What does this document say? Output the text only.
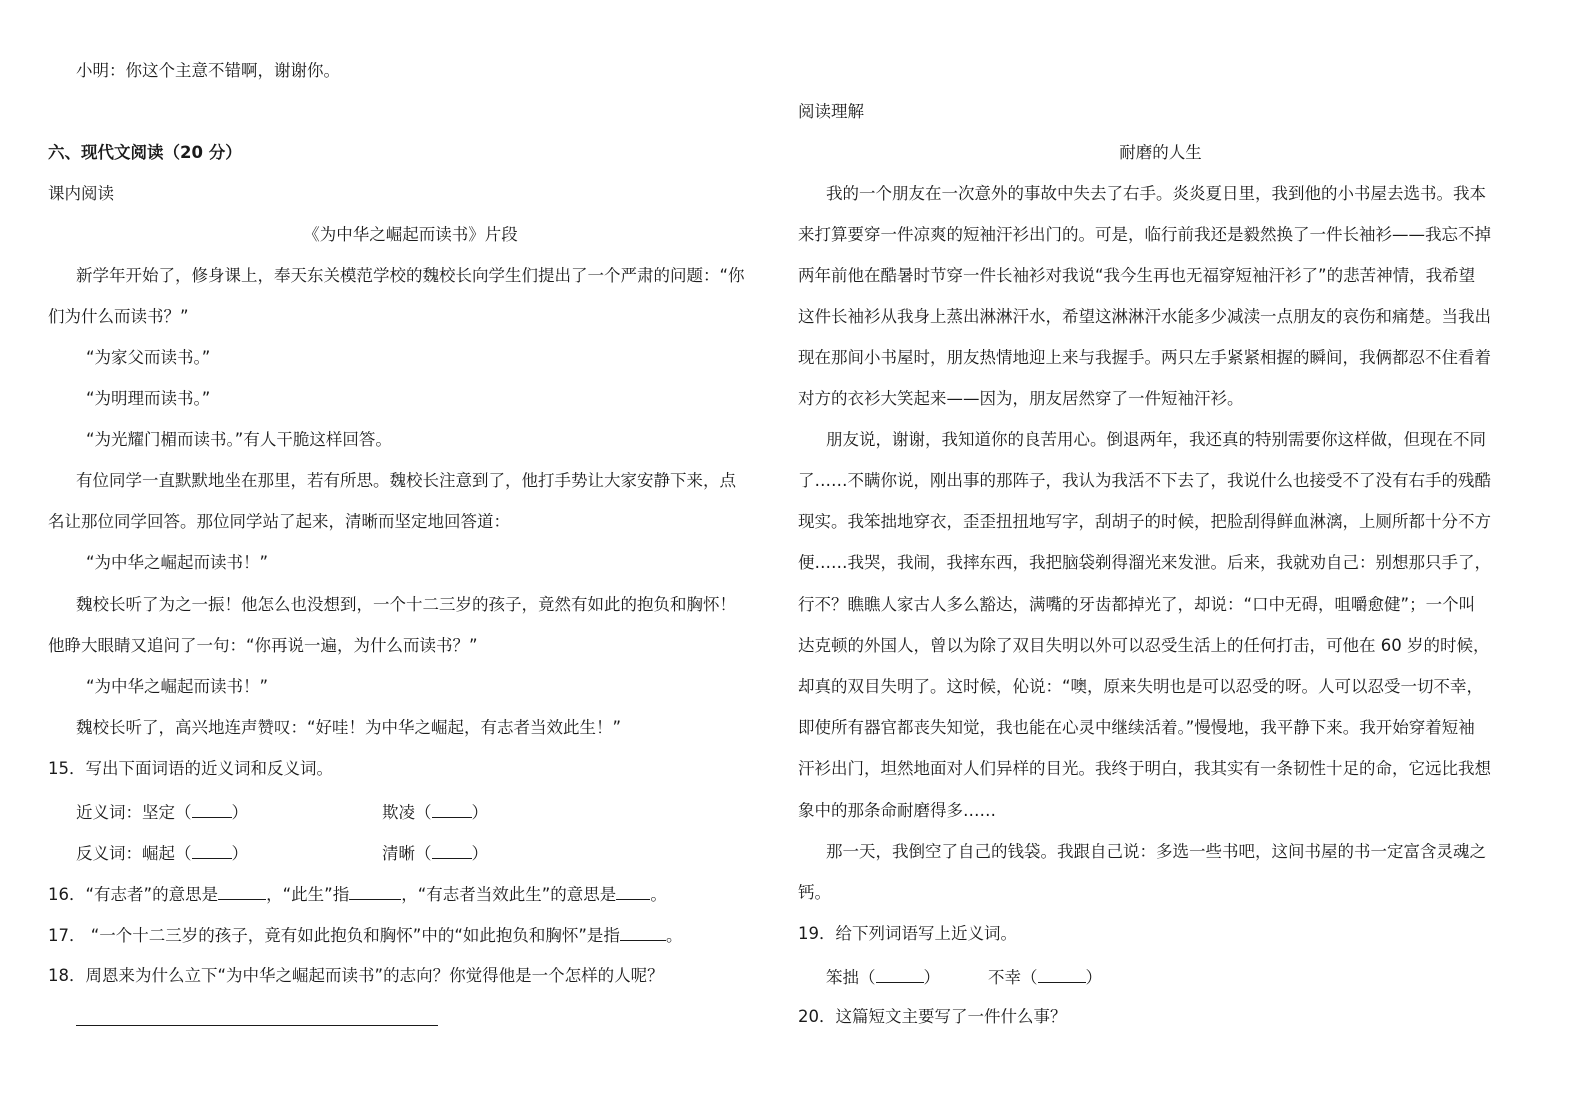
小明：你这个主意不错啊，谢谢你。
六、现代文阅读（20 分）
课内阅读
《为中华之崛起而读书》片段
新学年开始了，修身课上，奉天东关模范学校的魏校长向学生们提出了一个严肃的问题：“你
们为什么而读书？”
“为家父而读书。”
“为明理而读书。”
“为光耀门楣而读书。”有人干脆这样回答。
有位同学一直默默地坐在那里，若有所思。魏校长注意到了，他打手势让大家安静下来，点
名让那位同学回答。那位同学站了起来，清晰而坚定地回答道：
“为中华之崛起而读书！”
魏校长听了为之一振！他怎么也没想到，一个十二三岁的孩子，竟然有如此的抱负和胸怀！
他睁大眼睛又追问了一句：“你再说一遍，为什么而读书？”
“为中华之崛起而读书！”
魏校长听了，高兴地连声赞叹：“好哇！为中华之崛起，有志者当效此生！”
15．写出下面词语的近义词和反义词。
近义词：坚定（ ）	欺凌（ ）
反义词：崛起（ ）	清晰（ ）
16．“有志者”的意思是	，“此生”指	，“有志者当效此生”的意思是 。
17． “一个十二三岁的孩子，竟有如此抱负和胸怀”中的“如此抱负和胸怀”是指	。
18．周恩来为什么立下“为中华之崛起而读书”的志向？你觉得他是一个怎样的人呢？
阅读理解
耐磨的人生
我的一个朋友在一次意外的事故中失去了右手。炎炎夏日里，我到他的小书屋去选书。我本
来打算要穿一件凉爽的短袖汗衫出门的。可是，临行前我还是毅然换了一件长袖衫——我忘不掉
两年前他在酷暑时节穿一件长袖衫对我说“我今生再也无福穿短袖汗衫了”的悲苦神情，我希望
这件长袖衫从我身上蒸出淋淋汗水，希望这淋淋汗水能多少减渎一点朋友的哀伤和痛楚。当我出
现在那间小书屋时，朋友热情地迎上来与我握手。两只左手紧紧相握的瞬间，我俩都忍不住看着
对方的衣衫大笑起来——因为，朋友居然穿了一件短袖汗衫。
朋友说，谢谢，我知道你的良苦用心。倒退两年，我还真的特别需要你这样做，但现在不同
了……不瞒你说，刚出事的那阵子，我认为我活不下去了，我说什么也接受不了没有右手的残酷
现实。我笨拙地穿衣，歪歪扭扭地写字，刮胡子的时候，把脸刮得鲜血淋漓，上厕所都十分不方
便……我哭，我闹，我摔东西，我把脑袋剃得溜光来发泄。后来，我就劝自己：别想那只手了，
行不？瞧瞧人家古人多么豁达，满嘴的牙齿都掉光了，却说：“口中无碍，咀嚼愈健”；一个叫
达克顿的外国人，曾以为除了双目失明以外可以忍受生活上的任何打击，可他在 60 岁的时候，
却真的双目失明了。这时候，伈说：“噢，原来失明也是可以忍受的呀。人可以忍受一切不幸，
即使所有器官都丧失知觉，我也能在心灵中继续活着。”慢慢地，我平静下来。我开始穿着短袖
汗衫出门，坦然地面对人们异样的目光。我终于明白，我其实有一条韧性十足的命，它远比我想
象中的那条命耐磨得多……
那一天，我倒空了自己的钱袋。我跟自己说：多选一些书吧，这间书屋的书一定富含灵魂之
钙。
19．给下列词语写上近义词。
笨拙（	）	不幸（	）
20．这篇短文主要写了一件什么事？
